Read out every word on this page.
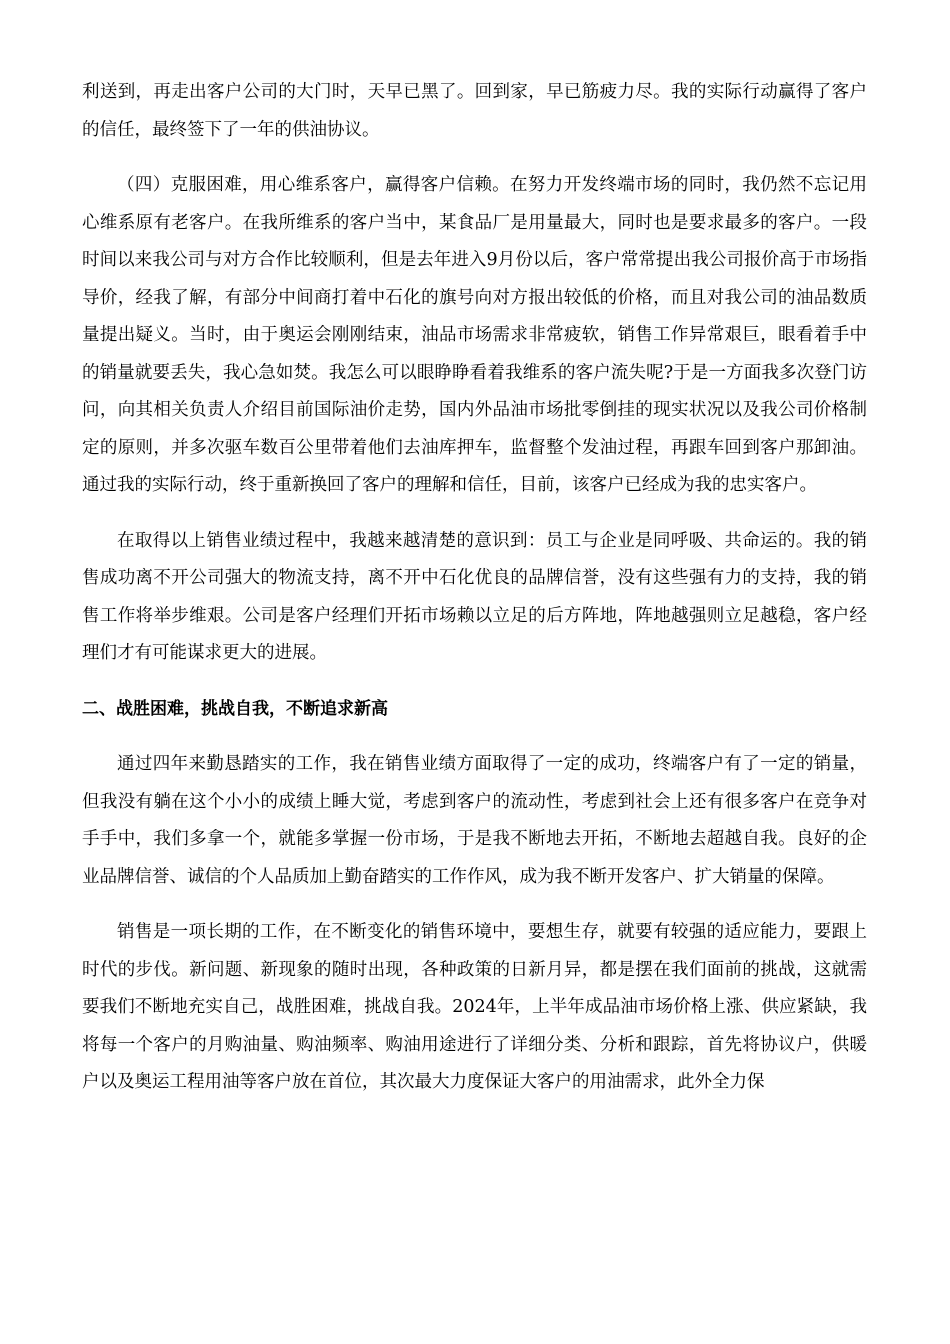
利送到，再走出客户公司的大门时，天早已黑了。回到家，早已筋疲力尽。我的实际行动赢得了客户的信任，最终签下了一年的供油协议。

（四）克服困难，用心维系客户，赢得客户信赖。在努力开发终端市场的同时，我仍然不忘记用心维系原有老客户。在我所维系的客户当中，某食品厂是用量最大，同时也是要求最多的客户。一段时间以来我公司与对方合作比较顺利，但是去年进入9月份以后，客户常常提出我公司报价高于市场指导价，经我了解，有部分中间商打着中石化的旗号向对方报出较低的价格，而且对我公司的油品数质量提出疑义。当时，由于奥运会刚刚结束，油品市场需求非常疲软，销售工作异常艰巨，眼看着手中的销量就要丢失，我心急如焚。我怎么可以眼睁睁看着我维系的客户流失呢?于是一方面我多次登门访问，向其相关负责人介绍目前国际油价走势，国内外品油市场批零倒挂的现实状况以及我公司价格制定的原则，并多次驱车数百公里带着他们去油库押车，监督整个发油过程，再跟车回到客户那卸油。通过我的实际行动，终于重新换回了客户的理解和信任，目前，该客户已经成为我的忠实客户。

在取得以上销售业绩过程中，我越来越清楚的意识到：员工与企业是同呼吸、共命运的。我的销售成功离不开公司强大的物流支持，离不开中石化优良的品牌信誉，没有这些强有力的支持，我的销售工作将举步维艰。公司是客户经理们开拓市场赖以立足的后方阵地，阵地越强则立足越稳，客户经理们才有可能谋求更大的进展。

二、战胜困难，挑战自我，不断追求新高

通过四年来勤恳踏实的工作，我在销售业绩方面取得了一定的成功，终端客户有了一定的销量，但我没有躺在这个小小的成绩上睡大觉，考虑到客户的流动性，考虑到社会上还有很多客户在竞争对手手中，我们多拿一个，就能多掌握一份市场，于是我不断地去开拓，不断地去超越自我。良好的企业品牌信誉、诚信的个人品质加上勤奋踏实的工作作风，成为我不断开发客户、扩大销量的保障。

销售是一项长期的工作，在不断变化的销售环境中，要想生存，就要有较强的适应能力，要跟上时代的步伐。新问题、新现象的随时出现，各种政策的日新月异，都是摆在我们面前的挑战，这就需要我们不断地充实自己，战胜困难，挑战自我。2024年，上半年成品油市场价格上涨、供应紧缺，我将每一个客户的月购油量、购油频率、购油用途进行了详细分类、分析和跟踪，首先将协议户，供暖户以及奥运工程用油等客户放在首位，其次最大力度保证大客户的用油需求，此外全力保
